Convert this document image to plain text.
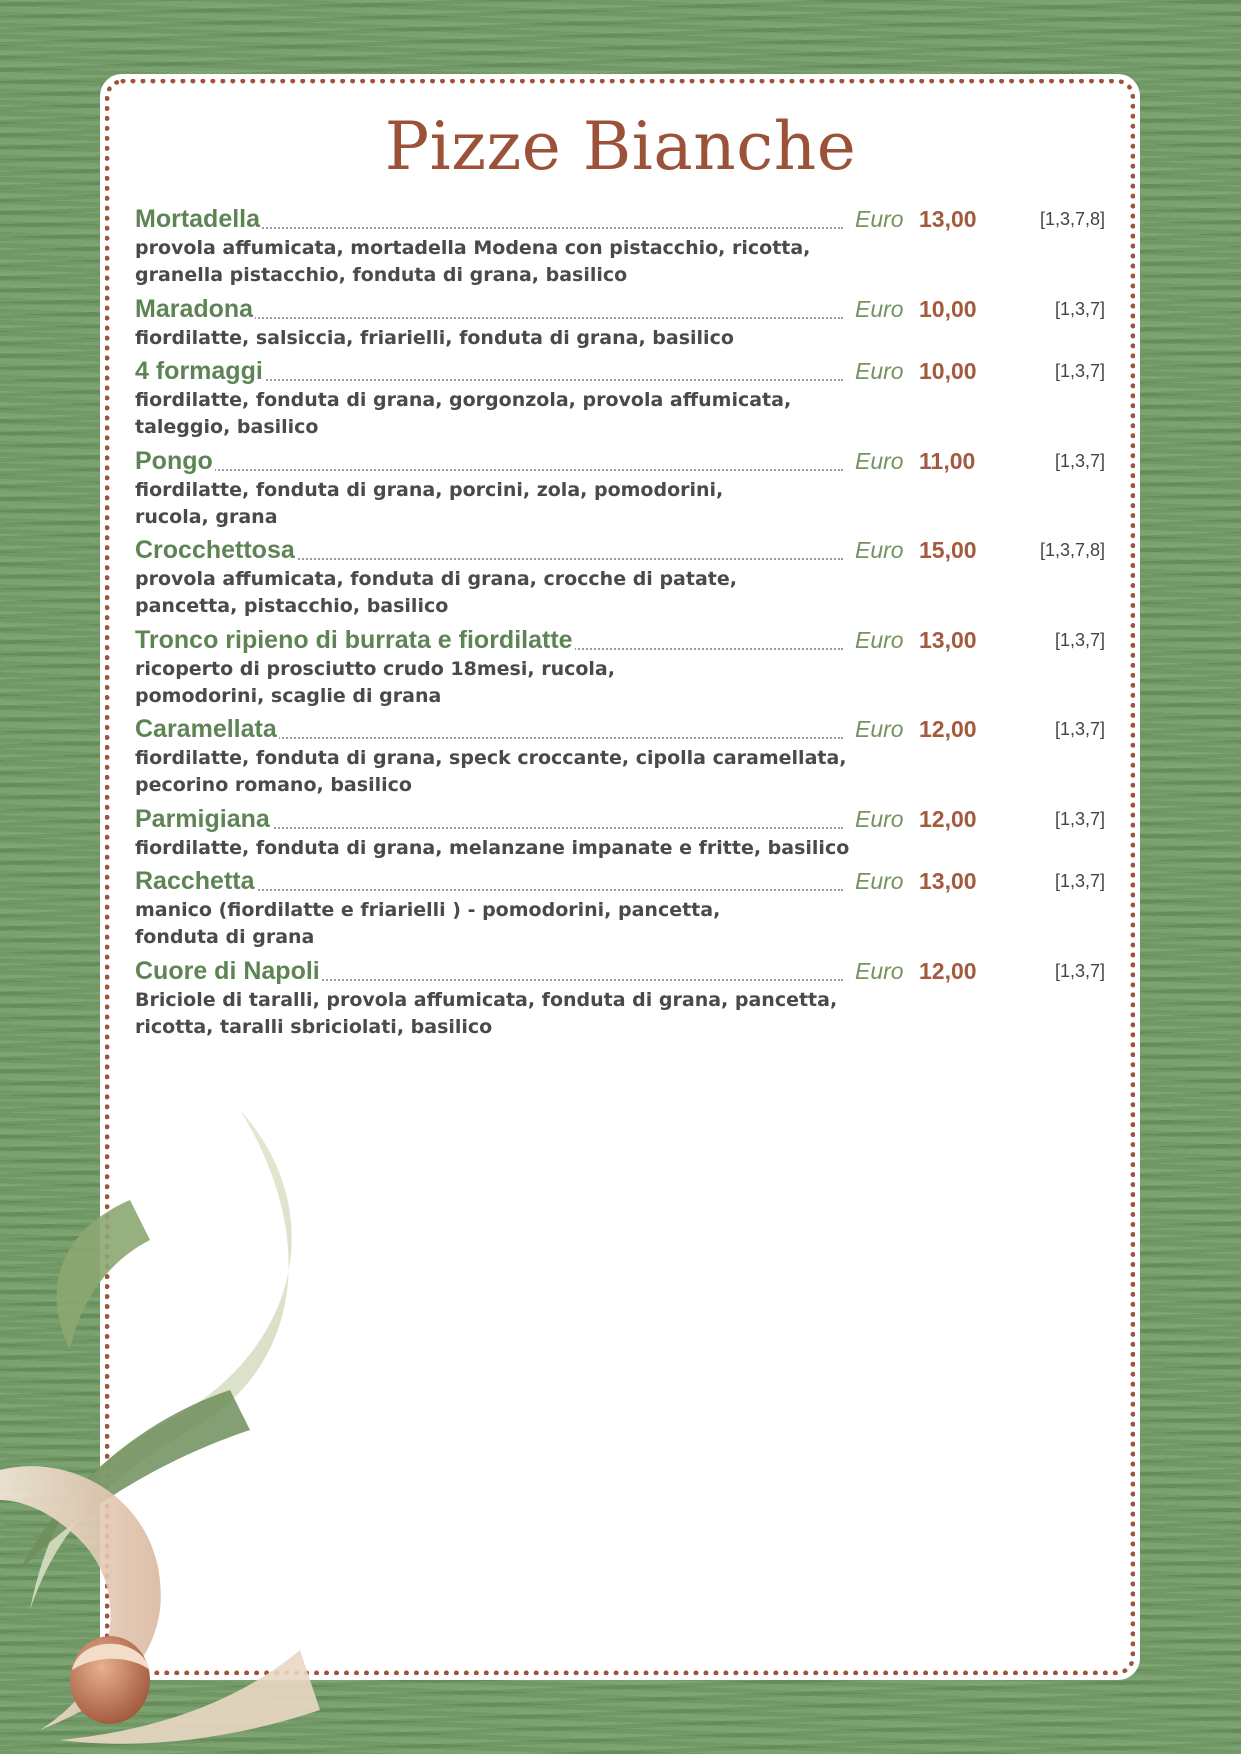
Pizze Bianche
Mortadella	Euro 13,00	[1,3,7,8]
provola affumicata, mortadella Modena con pistacchio, ricotta,
granella pistacchio, fonduta di grana, basilico
Maradona	Euro 10,00	[1,3,7]
fiordilatte, salsiccia, friarielli, fonduta di grana, basilico
4 formaggi	Euro 10,00	[1,3,7]
fiordilatte, fonduta di grana, gorgonzola, provola affumicata,
taleggio, basilico
Pongo	Euro 11,00	[1,3,7]
fiordilatte, fonduta di grana, porcini, zola, pomodorini,
rucola, grana
Crocchettosa	Euro 15,00	[1,3,7,8]
provola affumicata, fonduta di grana, crocche di patate,
pancetta, pistacchio, basilico
Tronco ripieno di burrata e fiordilatte	Euro 13,00	[1,3,7]
ricoperto di prosciutto crudo 18mesi, rucola,
pomodorini, scaglie di grana
Caramellata	Euro 12,00	[1,3,7]
fiordilatte, fonduta di grana, speck croccante, cipolla caramellata,
pecorino romano, basilico
Parmigiana	Euro 12,00	[1,3,7]
fiordilatte, fonduta di grana, melanzane impanate e fritte, basilico
Racchetta	Euro 13,00	[1,3,7]
manico (fiordilatte e friarielli ) - pomodorini, pancetta,
fonduta di grana
Cuore di Napoli	Euro 12,00	[1,3,7]
Briciole di taralli, provola affumicata, fonduta di grana, pancetta,
ricotta, taralli sbriciolati, basilico
